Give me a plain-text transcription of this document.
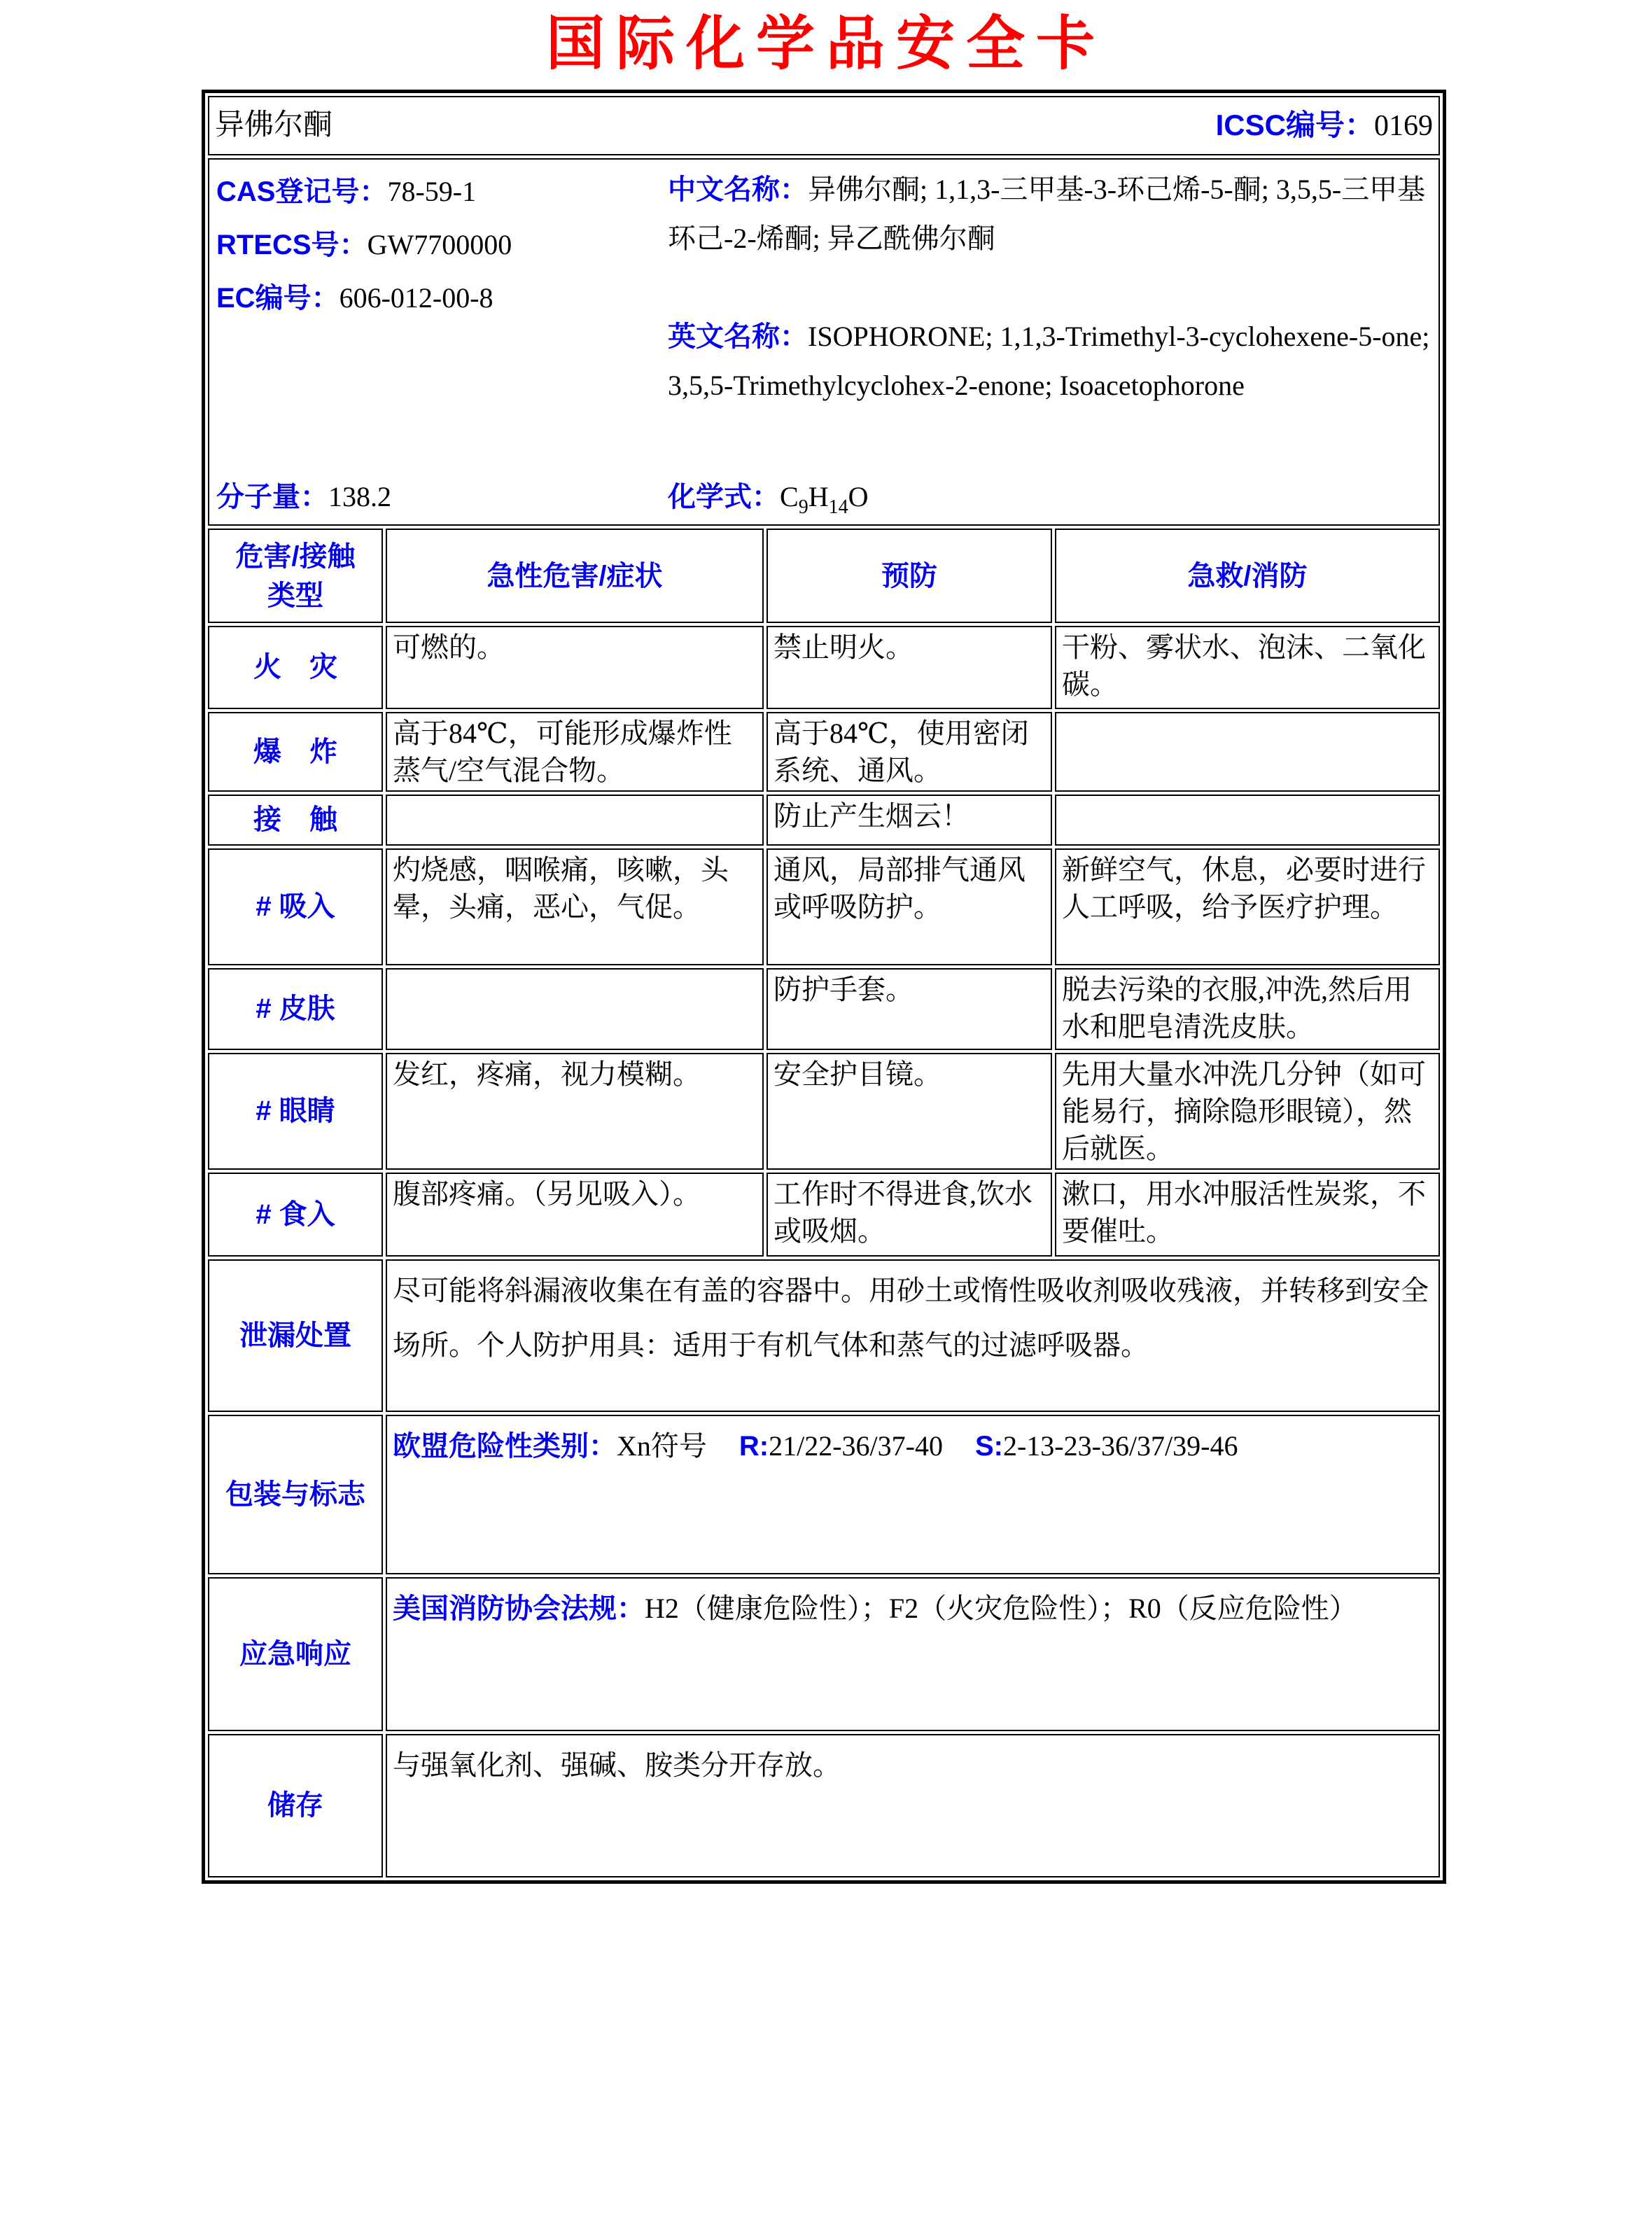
国际化学品安全卡
异佛尔酮 ICSC编号：0169			

CAS登记号：78-59-1
RTECS号：GW7700000
EC编号：606-012-00-8
中文名称：异佛尔酮; 1,1,3-三甲基-3-环己烯-5-酮; 3,5,5-三甲基环己-2-烯酮; 异乙酰佛尔酮
英文名称：ISOPHORONE; 1,1,3-Trimethyl-3-cyclohexene-5-one; 3,5,5-Trimethylcyclohex-2-enone; Isoacetophorone
分子量：138.2	化学式：$C_9H_{14}O$

危害/接触
类型	急性危害/症状	预防	急救/消防
火　灾	可燃的。	禁止明火。	干粉、雾状水、泡沫、二氧化碳。
爆　炸	高于84℃，可能形成爆炸性蒸气/空气混合物。	高于84℃，使用密闭系统、通风。	
接　触		防止产生烟云！	
# 吸入	灼烧感，咽喉痛，咳嗽，头晕，头痛，恶心，气促。	通风，局部排气通风或呼吸防护。	新鲜空气，休息，必要时进行人工呼吸，给予医疗护理。
# 皮肤		防护手套。	脱去污染的衣服,冲洗,然后用水和肥皂清洗皮肤。
# 眼睛	发红，疼痛，视力模糊。	安全护目镜。	先用大量水冲洗几分钟（如可能易行，摘除隐形眼镜），然后就医。
# 食入	腹部疼痛。（另见吸入）。	工作时不得进食,饮水或吸烟。	漱口，用水冲服活性炭浆，不要催吐。
泄漏处置	尽可能将斜漏液收集在有盖的容器中。用砂土或惰性吸收剂吸收残液，并转移到安全场所。个人防护用具：适用于有机气体和蒸气的过滤呼吸器。		
包装与标志	欧盟危险性类别：Xn符号 R:21/22-36/37-40 S:2-13-23-36/37/39-46		
应急响应	美国消防协会法规：H2（健康危险性）；F2（火灾危险性）；R0（反应危险性）		
储存	与强氧化剂、强碱、胺类分开存放。		
